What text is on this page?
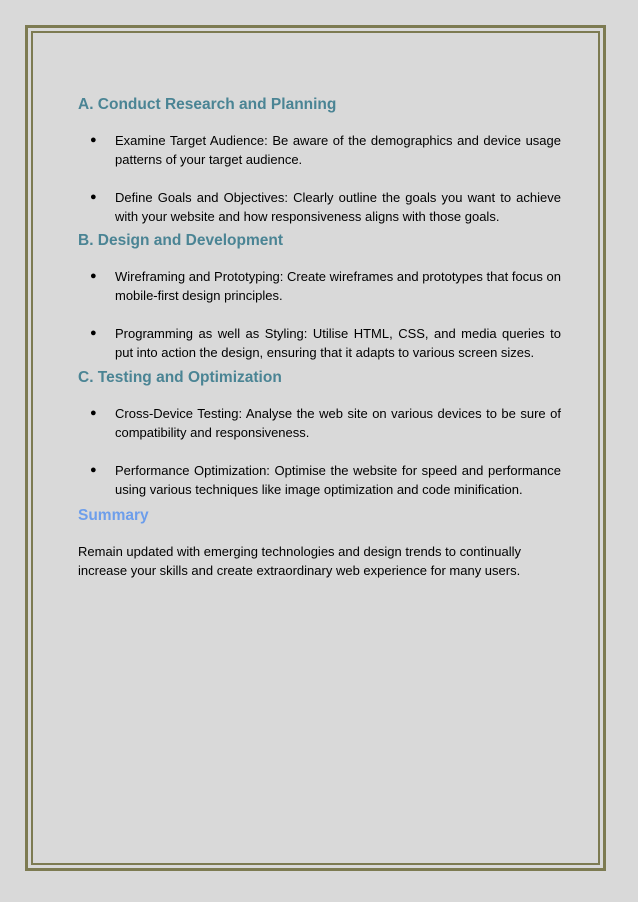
A. Conduct Research and Planning
● Examine Target Audience: Be aware of the demographics and device usage patterns of your target audience.
● Define Goals and Objectives: Clearly outline the goals you want to achieve with your website and how responsiveness aligns with those goals.
B. Design and Development
● Wireframing and Prototyping: Create wireframes and prototypes that focus on mobile-first design principles.
● Programming as well as Styling: Utilise HTML, CSS, and media queries to put into action the design, ensuring that it adapts to various screen sizes.
C. Testing and Optimization
● Cross-Device Testing: Analyse the web site on various devices to be sure of compatibility and responsiveness.
● Performance Optimization: Optimise the website for speed and performance using various techniques like image optimization and code minification.
Summary

Remain updated with emerging technologies and design trends to continually increase your skills and create extraordinary web experience for many users.
